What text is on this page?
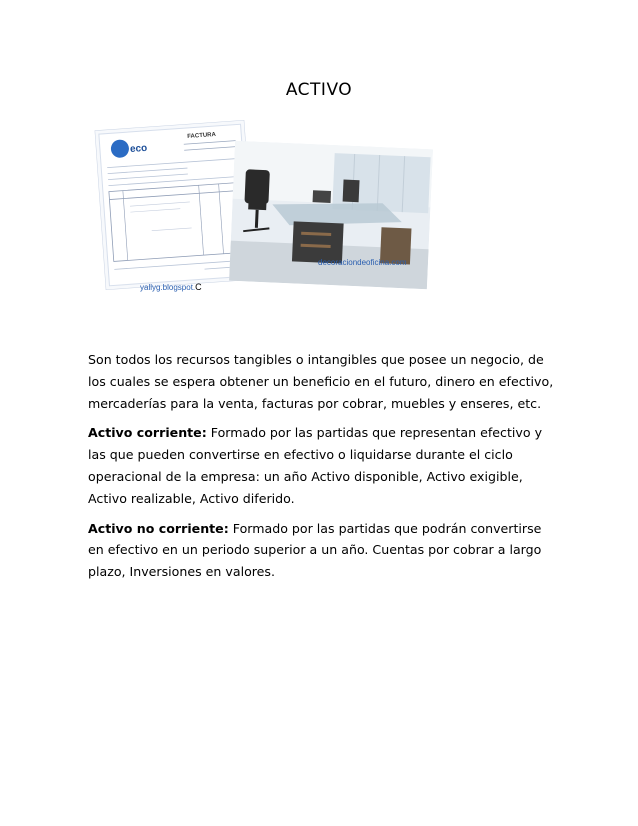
ACTIVO
eco
FACTURA
yallyg.blogspot.C
decoraciondeoficina.com

Son todos los recursos tangibles o intangibles que posee un negocio, de los cuales se espera obtener un beneficio en el futuro, dinero en efectivo, mercaderías para la venta, facturas por cobrar, muebles y enseres, etc.

Activo corriente: Formado por las partidas que representan efectivo y las que pueden convertirse en efectivo o liquidarse durante el ciclo operacional de la empresa: un año Activo disponible, Activo exigible, Activo realizable, Activo diferido.

Activo no corriente: Formado por las partidas que podrán convertirse en efectivo en un periodo superior a un año. Cuentas por cobrar a largo plazo, Inversiones en valores.
